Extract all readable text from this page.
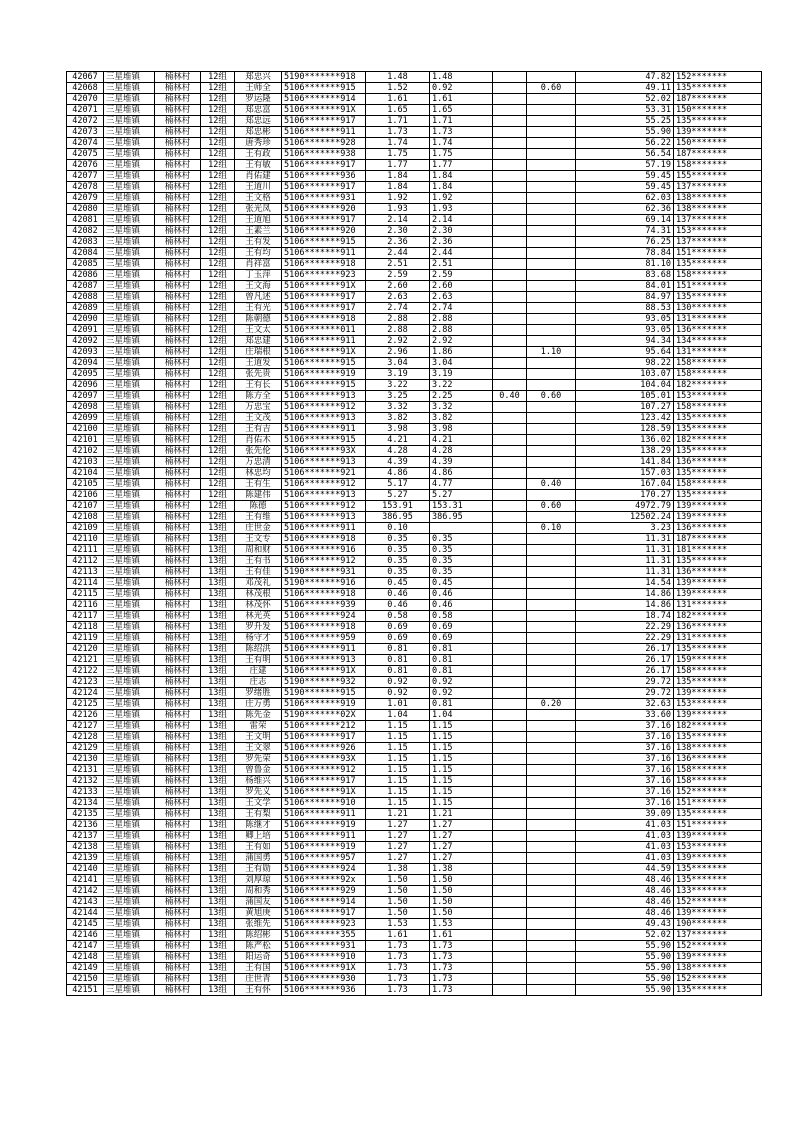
42067	三星堆镇	楠林村	12组	郑忠兴	5190*******918	1.48	1.48			47.82	152*******
42068	三星堆镇	楠林村	12组	王师全	5106*******915	1.52	0.92		0.60	49.11	135*******
42070	三星堆镇	楠林村	12组	罗运隆	5106*******914	1.61	1.61			52.02	187*******
42071	三星堆镇	楠林村	12组	郑忠富	5106*******91X	1.65	1.65			53.31	150*******
42072	三星堆镇	楠林村	12组	郑忠远	5106*******917	1.71	1.71			55.25	135*******
42073	三星堆镇	楠林村	12组	郑忠彬	5106*******911	1.73	1.73			55.90	139*******
42074	三星堆镇	楠林村	12组	唐秀珍	5106*******928	1.74	1.74			56.22	150*******
42075	三星堆镇	楠林村	12组	王有政	5106*******938	1.75	1.75			56.54	187*******
42076	三星堆镇	楠林村	12组	王有敏	5106*******917	1.77	1.77			57.19	158*******
42077	三星堆镇	楠林村	12组	肖佑建	5106*******936	1.84	1.84			59.45	155*******
42078	三星堆镇	楠林村	12组	王道川	5106*******917	1.84	1.84			59.45	137*******
42079	三星堆镇	楠林村	12组	王文格	5106*******931	1.92	1.92			62.03	138*******
42080	三星堆镇	楠林村	12组	张光凤	5106*******920	1.93	1.93			62.36	138*******
42081	三星堆镇	楠林村	12组	王道旭	5106*******917	2.14	2.14			69.14	137*******
42082	三星堆镇	楠林村	12组	王素兰	5106*******920	2.30	2.30			74.31	153*******
42083	三星堆镇	楠林村	12组	王有发	5106*******915	2.36	2.36			76.25	137*******
42084	三星堆镇	楠林村	12组	王有均	5106*******911	2.44	2.44			78.84	151*******
42085	三星堆镇	楠林村	12组	肖祥富	5106*******918	2.51	2.51			81.10	135*******
42086	三星堆镇	楠林村	12组	丁玉萍	5106*******923	2.59	2.59			83.68	158*******
42087	三星堆镇	楠林村	12组	王文海	5106*******91X	2.60	2.60			84.01	151*******
42088	三星堆镇	楠林村	12组	曾凡述	5106*******917	2.63	2.63			84.97	135*******
42089	三星堆镇	楠林村	12组	王有光	5106*******917	2.74	2.74			88.53	130*******
42090	三星堆镇	楠林村	12组	陈朝德	5106*******918	2.88	2.88			93.05	131*******
42091	三星堆镇	楠林村	12组	王文太	5106*******011	2.88	2.88			93.05	136*******
42092	三星堆镇	楠林村	12组	郑忠建	5106*******911	2.92	2.92			94.34	134*******
42093	三星堆镇	楠林村	12组	庄瑞根	5106*******91X	2.96	1.86		1.10	95.64	131*******
42094	三星堆镇	楠林村	12组	王道发	5106*******915	3.04	3.04			98.22	158*******
42095	三星堆镇	楠林村	12组	张先贵	5106*******919	3.19	3.19			103.07	158*******
42096	三星堆镇	楠林村	12组	王有长	5106*******915	3.22	3.22			104.04	182*******
42097	三星堆镇	楠林村	12组	陈方全	5106*******913	3.25	2.25	0.40	0.60	105.01	153*******
42098	三星堆镇	楠林村	12组	万忠宝	5106*******912	3.32	3.32			107.27	158*******
42099	三星堆镇	楠林村	12组	王文茂	5106*******913	3.82	3.82			123.42	135*******
42100	三星堆镇	楠林村	12组	王有吉	5106*******911	3.98	3.98			128.59	135*******
42101	三星堆镇	楠林村	12组	肖佑木	5106*******915	4.21	4.21			136.02	182*******
42102	三星堆镇	楠林村	12组	张先伦	5106*******93X	4.28	4.28			138.29	135*******
42103	三星堆镇	楠林村	12组	万忠清	5106*******913	4.39	4.39			141.84	136*******
42104	三星堆镇	楠林村	12组	林忠均	5106*******921	4.86	4.86			157.03	135*******
42105	三星堆镇	楠林村	12组	王有生	5106*******912	5.17	4.77		0.40	167.04	158*******
42106	三星堆镇	楠林村	12组	陈建伟	5106*******913	5.27	5.27			170.27	135*******
42107	三星堆镇	楠林村	12组	陈德	5106*******912	153.91	153.31		0.60	4972.79	139*******
42108	三星堆镇	楠林村	12组	王有维	5106*******913	386.95	386.95			12502.24	139*******
42109	三星堆镇	楠林村	13组	庄世金	5106*******911	0.10			0.10	3.23	136*******
42110	三星堆镇	楠林村	13组	王文专	5106*******918	0.35	0.35			11.31	187*******
42111	三星堆镇	楠林村	13组	周和财	5106*******916	0.35	0.35			11.31	181*******
42112	三星堆镇	楠林村	13组	王有书	5106*******912	0.35	0.35			11.31	135*******
42113	三星堆镇	楠林村	13组	王有佳	5190*******931	0.35	0.35			11.31	136*******
42114	三星堆镇	楠林村	13组	邓茂礼	5190*******916	0.45	0.45			14.54	139*******
42115	三星堆镇	楠林村	13组	林茂根	5106*******918	0.46	0.46			14.86	139*******
42116	三星堆镇	楠林村	13组	林茂怀	5106*******939	0.46	0.46			14.86	131*******
42117	三星堆镇	楠林村	13组	林光英	5106*******924	0.58	0.58			18.74	182*******
42118	三星堆镇	楠林村	13组	罗升发	5106*******918	0.69	0.69			22.29	136*******
42119	三星堆镇	楠林村	13组	杨守才	5106*******959	0.69	0.69			22.29	131*******
42120	三星堆镇	楠林村	13组	陈绍洪	5106*******911	0.81	0.81			26.17	135*******
42121	三星堆镇	楠林村	13组	王有明	5106*******913	0.81	0.81			26.17	159*******
42122	三星堆镇	楠林村	13组	庄建	5106*******91X	0.81	0.81			26.17	158*******
42123	三星堆镇	楠林村	13组	庄志	5190*******932	0.92	0.92			29.72	135*******
42124	三星堆镇	楠林村	13组	罗绪胜	5190*******915	0.92	0.92			29.72	139*******
42125	三星堆镇	楠林村	13组	庄万勇	5106*******919	1.01	0.81		0.20	32.63	153*******
42126	三星堆镇	楠林村	13组	陈先金	5190*******02X	1.04	1.04			33.60	139*******
42127	三星堆镇	楠林村	13组	雷荣	5106*******212	1.15	1.15			37.16	182*******
42128	三星堆镇	楠林村	13组	王文明	5106*******917	1.15	1.15			37.16	135*******
42129	三星堆镇	楠林村	13组	王文翠	5106*******926	1.15	1.15			37.16	138*******
42130	三星堆镇	楠林村	13组	罗先荣	5106*******93X	1.15	1.15			37.16	136*******
42131	三星堆镇	楠林村	13组	曾鲁金	5106*******912	1.15	1.15			37.16	158*******
42132	三星堆镇	楠林村	13组	杨维兴	5106*******917	1.15	1.15			37.16	158*******
42133	三星堆镇	楠林村	13组	罗先义	5106*******91X	1.15	1.15			37.16	152*******
42134	三星堆镇	楠林村	13组	王文学	5106*******910	1.15	1.15			37.16	151*******
42135	三星堆镇	楠林村	13组	王有梨	5106*******911	1.21	1.21			39.09	135*******
42136	三星堆镇	楠林村	13组	陈继才	5106*******919	1.27	1.27			41.03	151*******
42137	三星堆镇	楠林村	13组	卿上培	5106*******911	1.27	1.27			41.03	139*******
42138	三星堆镇	楠林村	13组	王有如	5106*******919	1.27	1.27			41.03	153*******
42139	三星堆镇	楠林村	13组	蒲国勇	5106*******957	1.27	1.27			41.03	139*******
42140	三星堆镇	楠林村	13组	王有勋	5106*******924	1.38	1.38			44.59	135*******
42141	三星堆镇	楠林村	13组	刘厚琼	5106*******92x	1.50	1.50			48.46	135*******
42142	三星堆镇	楠林村	13组	周和秀	5106*******929	1.50	1.50			48.46	133*******
42143	三星堆镇	楠林村	13组	蒲国友	5106*******914	1.50	1.50			48.46	152*******
42144	三星堆镇	楠林村	13组	黄旭庚	5106*******917	1.50	1.50			48.46	139*******
42145	三星堆镇	楠林村	13组	张维先	5106*******923	1.53	1.53			49.43	190*******
42146	三星堆镇	楠林村	13组	陈绍彬	5106*******355	1.61	1.61			52.02	137*******
42147	三星堆镇	楠林村	13组	陈严松	5106*******931	1.73	1.73			55.90	152*******
42148	三星堆镇	楠林村	13组	阳运奇	5106*******910	1.73	1.73			55.90	139*******
42149	三星堆镇	楠林村	13组	王有国	5106*******91X	1.73	1.73			55.90	138*******
42150	三星堆镇	楠林村	13组	庄世青	5106*******930	1.73	1.73			55.90	152*******
42151	三星堆镇	楠林村	13组	王有怀	5106*******936	1.73	1.73			55.90	135*******
